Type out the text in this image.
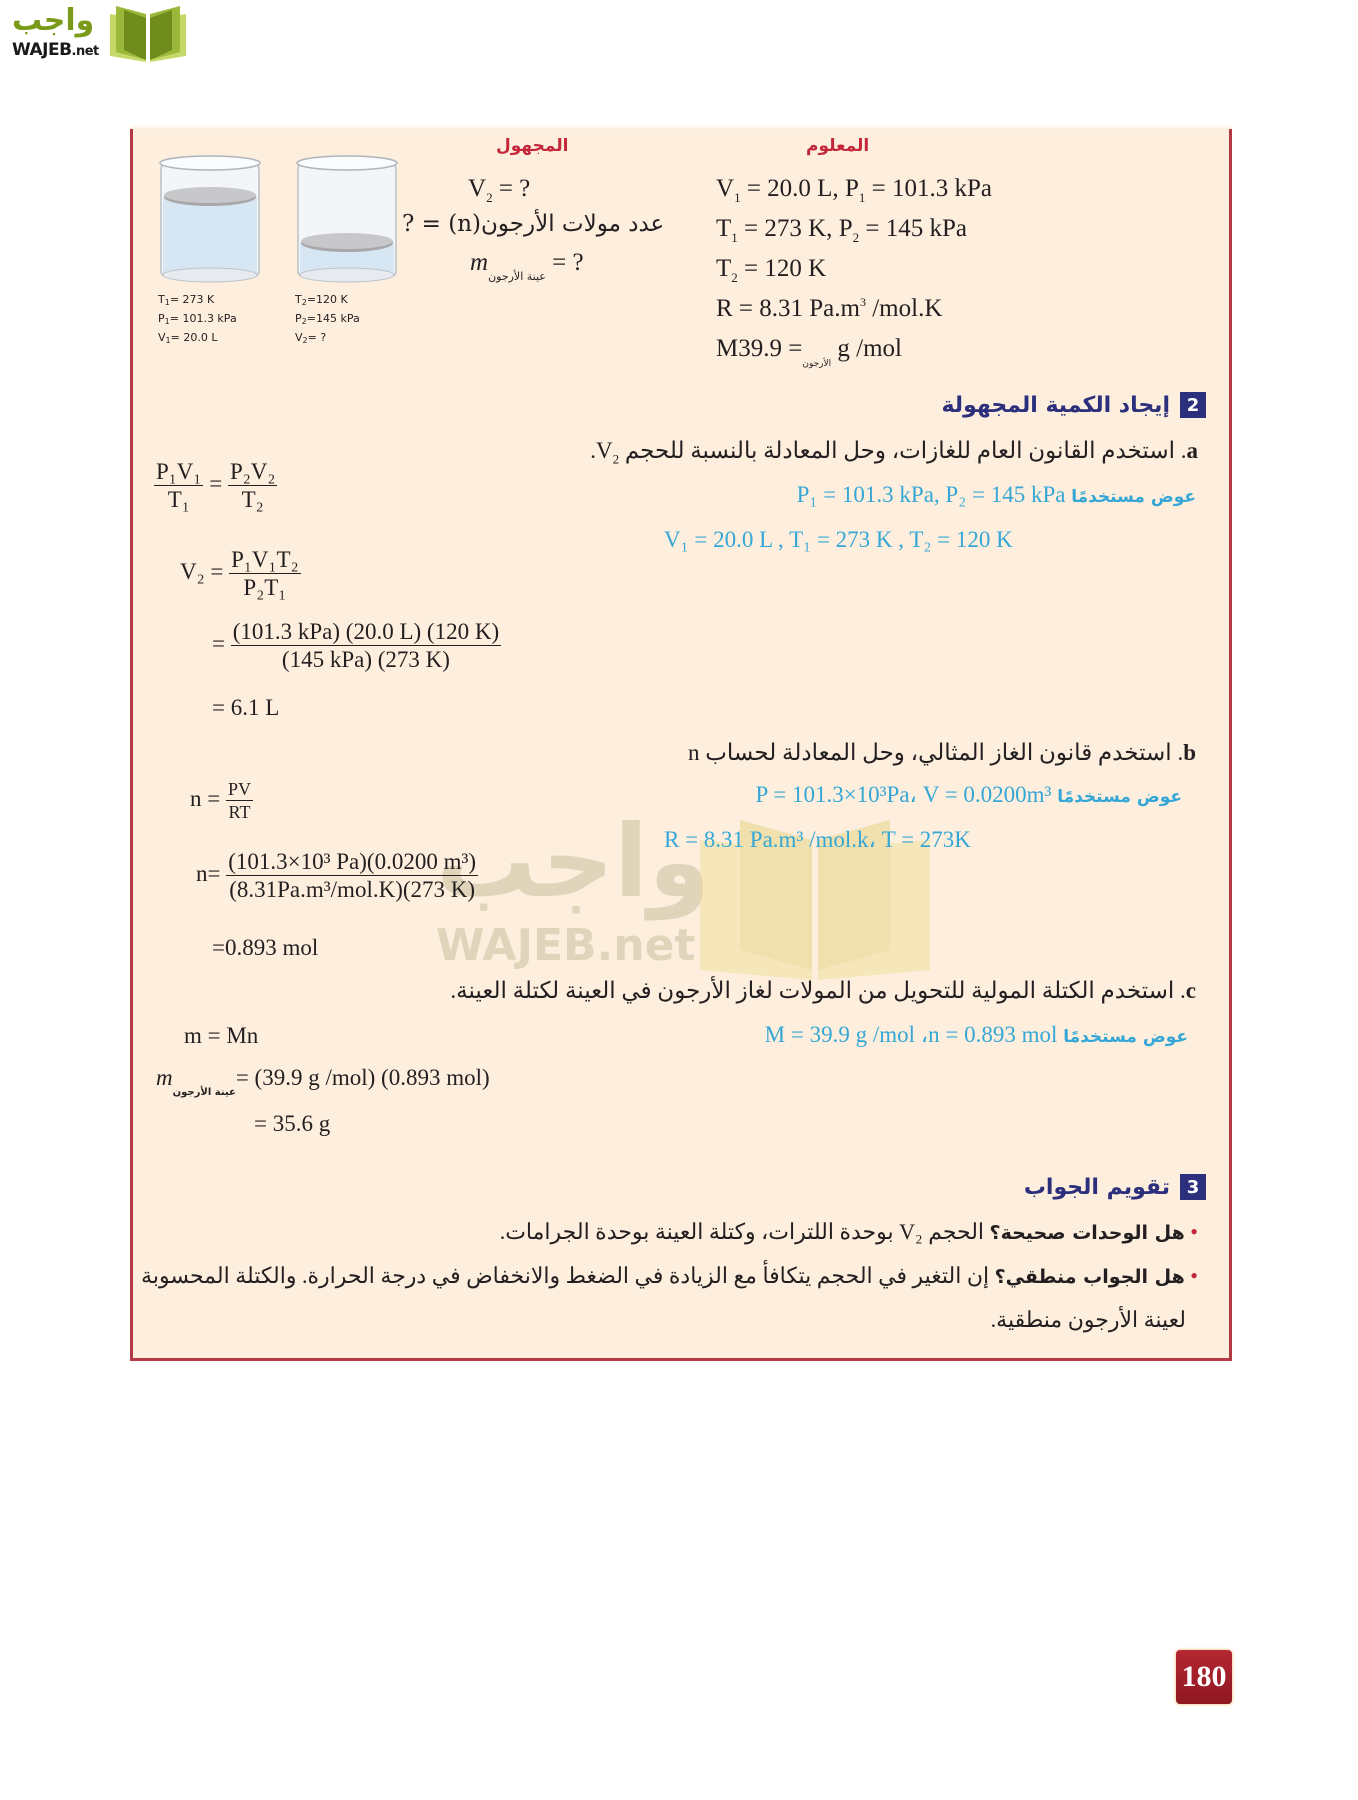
واجب
WAJEB.net
واجب
WAJEB.net
$T_1= 273$ K
$P_1= 101.3$ kPa
$V_1= 20.0$ L
$T_2=120$ K
$P_2=145$ kPa
$V_2=$ ?
المجهول
$V_2$ = ?
عدد مولات الأرجون(n) = ?
$m_{عينة الأرجون}$ = ?
المعلوم
$V_1 = 20.0$ L, $P_1 = 101.3$ kPa
$T_1 = 273$ K, $P_2 = 145$ kPa
$T_2 = 120$ K
R = 8.31 $Pa.m^3$ /mol.K
$M_{الأرجون}= 39.9$ g /mol
2
إيجاد الكمية المجهولة
a. استخدم القانون العام للغازات، وحل المعادلة بالنسبة للحجم $V_2$.
عوض مستخدمًا P₁ = 101.3 kPa, P₂ = 145 kPa
V₁ = 20.0 L , T₁ = 273 K , T₂ = 120 K
$\frac{\text{P₁V₁}}{\text{T₁}} = \frac{\text{P₂V₂}}{\text{T₂}}$
$V_2 = \frac{\text{P₁V₁T₂}}{\text{P₂T₁}}$
= $\frac{\text{(101.3 kPa) (20.0 L) (120 K)}}{\text{(145 kPa) (273 K)}}$
= 6.1 L
b. استخدم قانون الغاز المثالي، وحل المعادلة لحساب n
عوض مستخدمًا P = 101.3×10³Pa، V = 0.0200m³
R = 8.31 Pa.m³ /mol.k، T = 273K
$n = \frac{PV}{RT}$
$n= \frac{\text{(101.3×10³ Pa)(0.0200 m³)}}{\text{(8.31Pa.m³/mol.K)(273 K)}}$
=0.893 mol
c. استخدم الكتلة المولية للتحويل من المولات لغاز الأرجون في العينة لكتلة العينة.
عوض مستخدمًا M = 39.9 g /mol ،n = 0.893 mol
m = Mn
$m_{عينة الأرجون}= (39.9$ g /mol) (0.893 mol)
= 35.6 g
3
تقويم الجواب
• هل الوحدات صحيحة؟ الحجم V₂ بوحدة اللترات، وكتلة العينة بوحدة الجرامات.
• هل الجواب منطقي؟ إن التغير في الحجم يتكافأ مع الزيادة في الضغط والانخفاض في درجة الحرارة. والكتلة المحسوبة
لعينة الأرجون منطقية.
180
